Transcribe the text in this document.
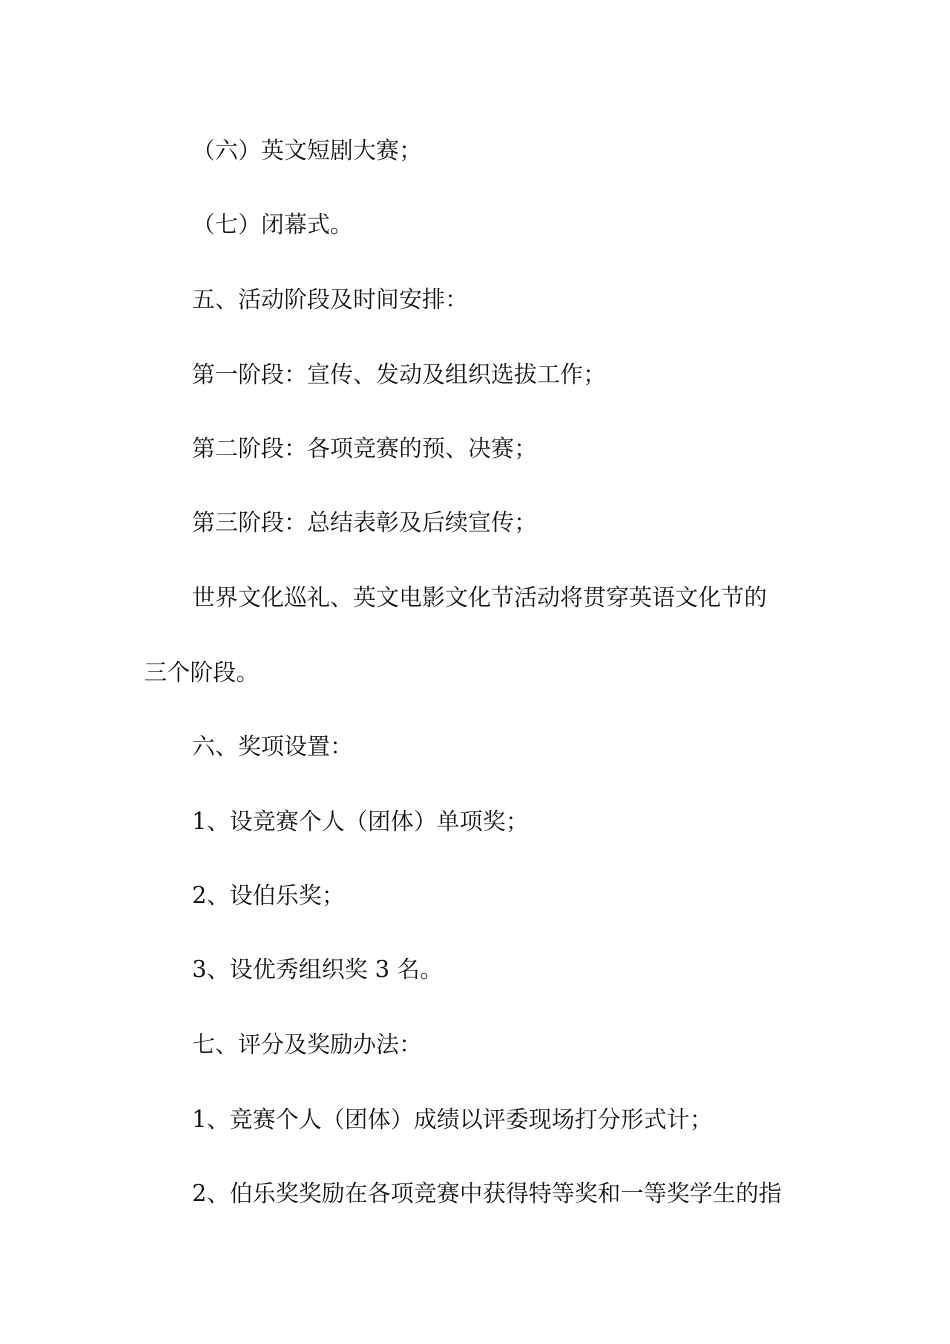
（六）英文短剧大赛；
（七）闭幕式。
五、活动阶段及时间安排：
第一阶段：宣传、发动及组织选拔工作；
第二阶段：各项竞赛的预、决赛；
第三阶段：总结表彰及后续宣传；
世界文化巡礼、英文电影文化节活动将贯穿英语文化节的
三个阶段。
六、奖项设置：
1、设竞赛个人（团体）单项奖；
2、设伯乐奖；
3、设优秀组织奖 3 名。
七、评分及奖励办法：
1、竞赛个人（团体）成绩以评委现场打分形式计；
2、伯乐奖奖励在各项竞赛中获得特等奖和一等奖学生的指
